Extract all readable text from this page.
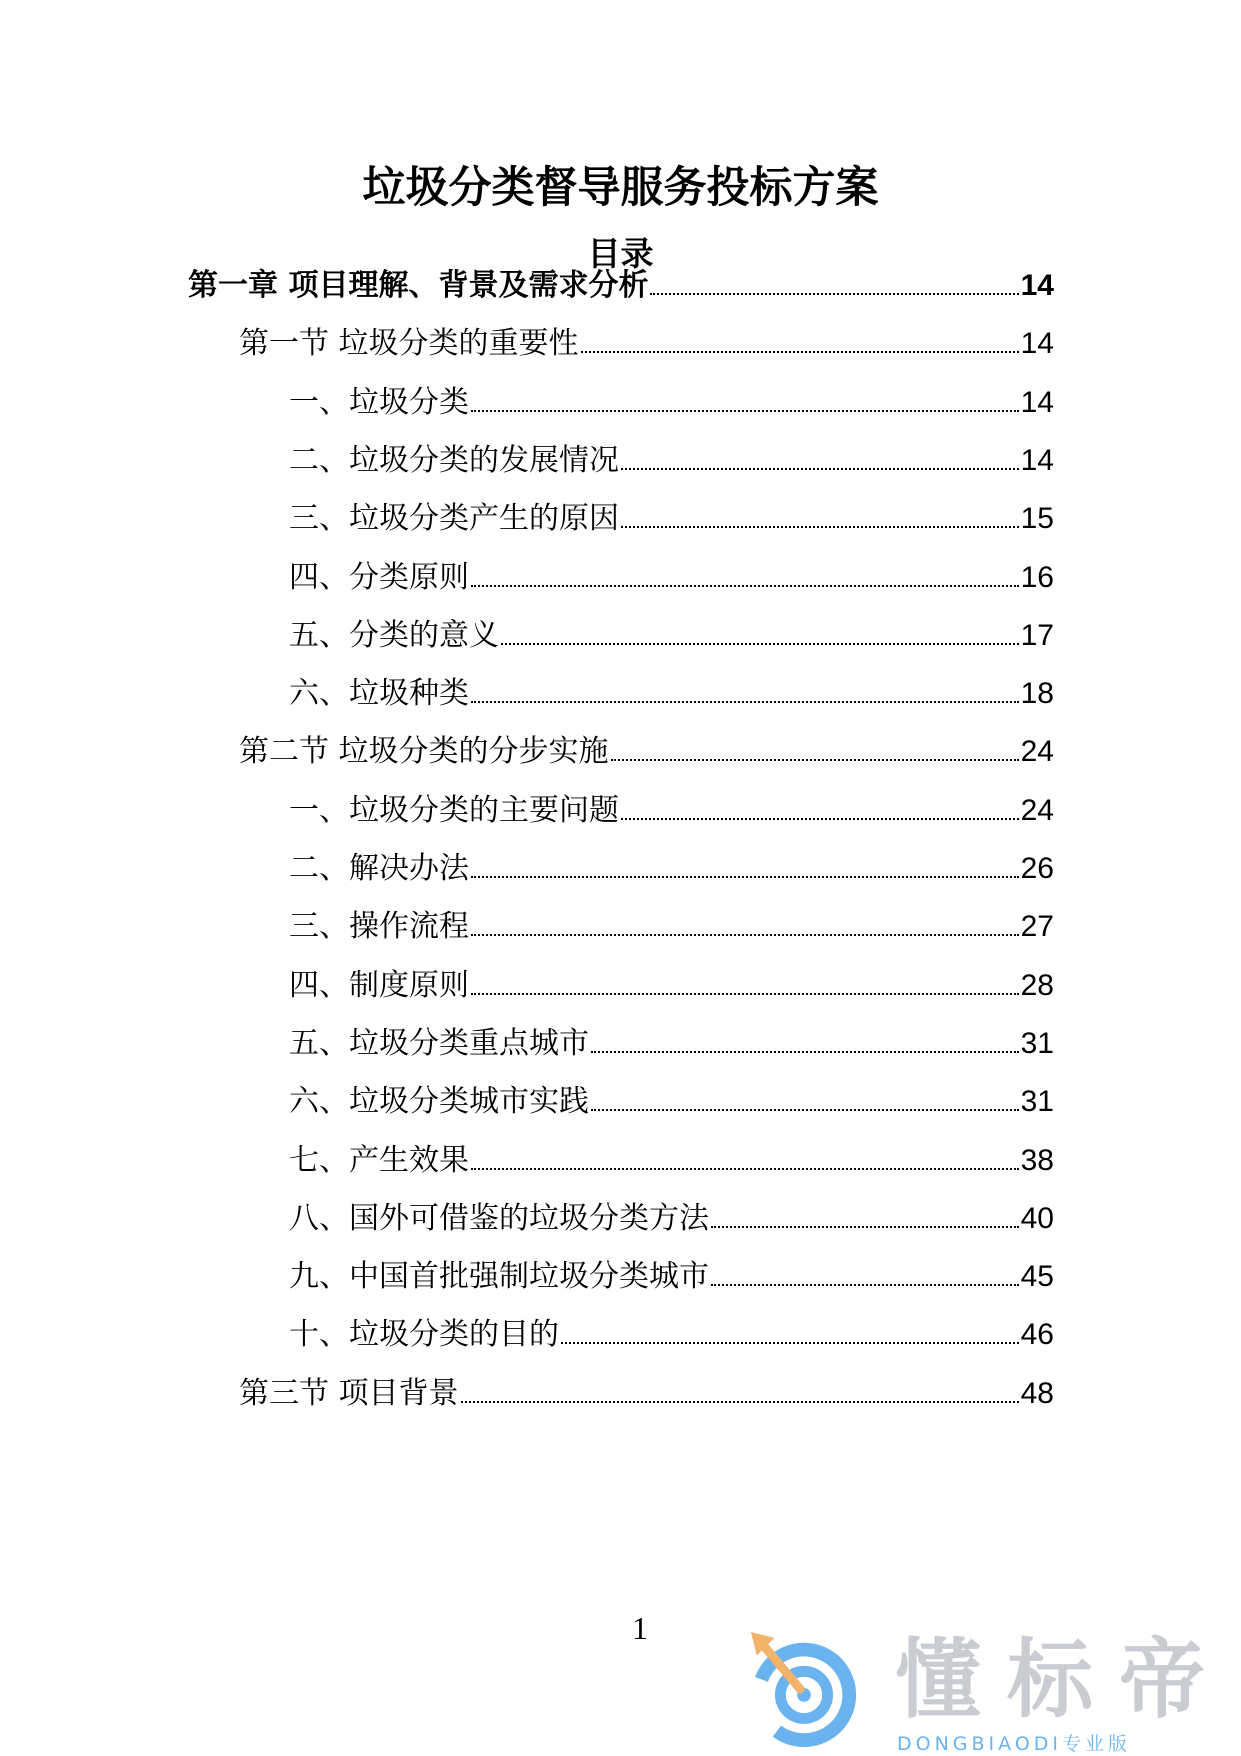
垃圾分类督导服务投标方案
目录
第一章 项目理解、背景及需求分析	14
第一节 垃圾分类的重要性	14
一、垃圾分类	14
二、垃圾分类的发展情况	14
三、垃圾分类产生的原因	15
四、分类原则	16
五、分类的意义	17
六、垃圾种类	18
第二节 垃圾分类的分步实施	24
一、垃圾分类的主要问题	24
二、解决办法	26
三、操作流程	27
四、制度原则	28
五、垃圾分类重点城市	31
六、垃圾分类城市实践	31
七、产生效果	38
八、国外可借鉴的垃圾分类方法	40
九、中国首批强制垃圾分类城市	45
十、垃圾分类的目的	46
第三节 项目背景	48
1
懂标帝
DONGBIAODI专业版
